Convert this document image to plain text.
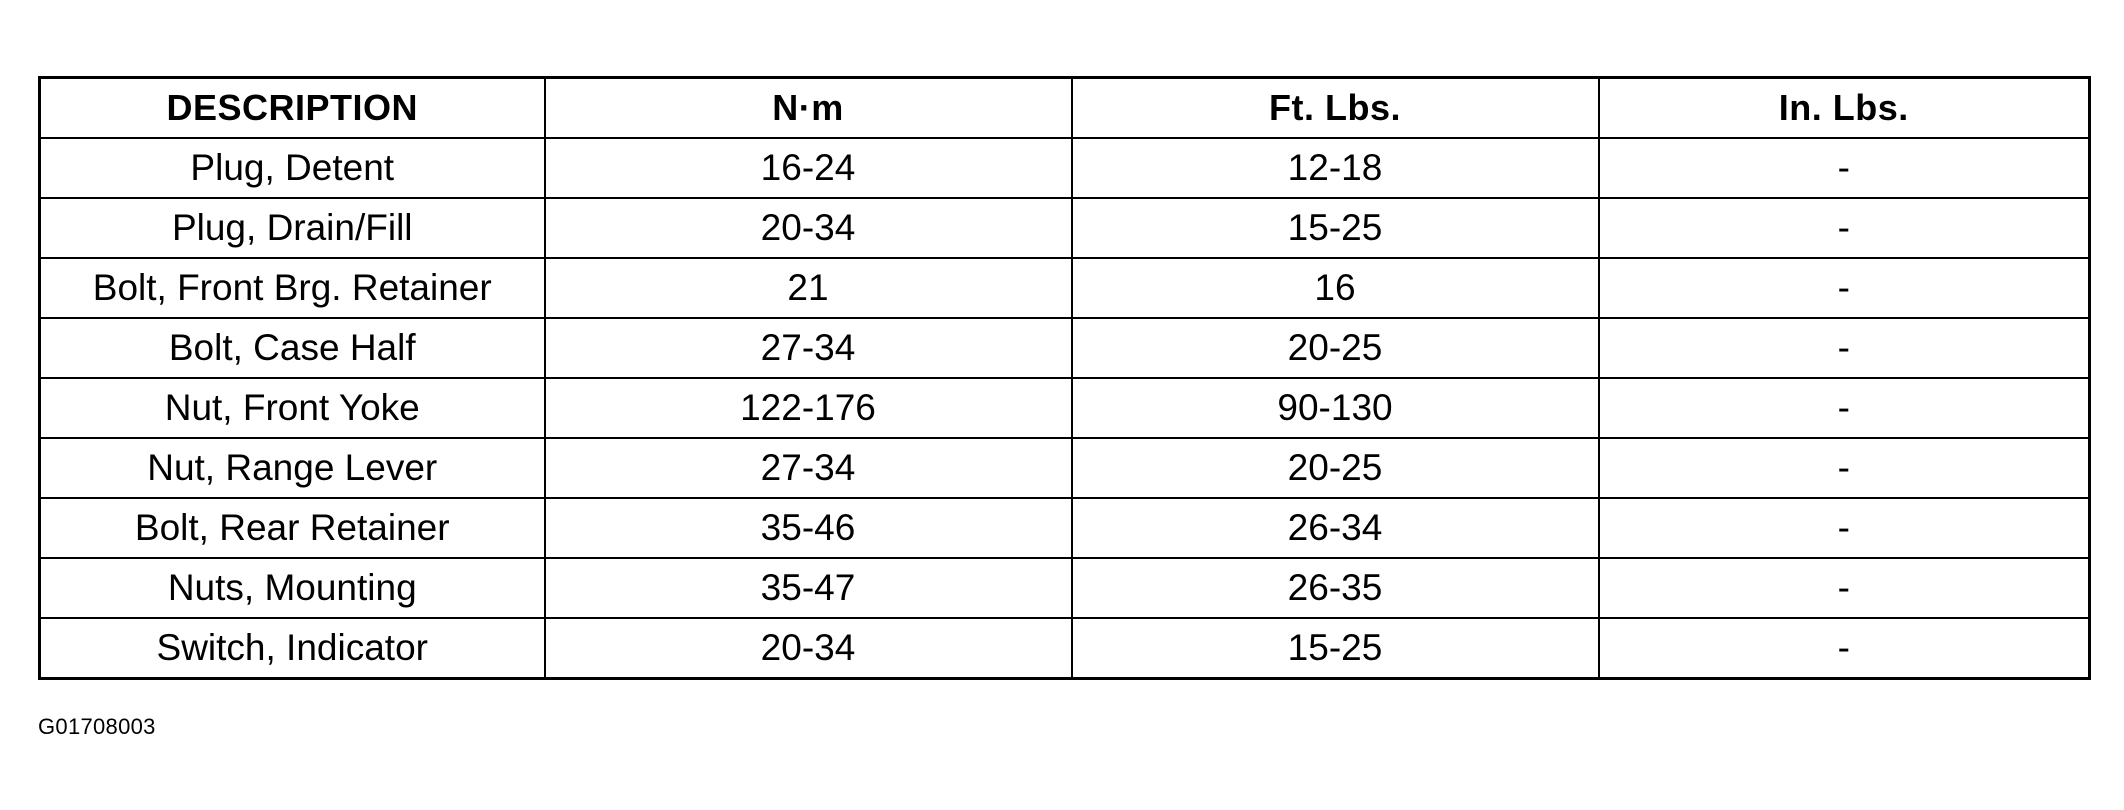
DESCRIPTION	N·m	Ft. Lbs.	In. Lbs.
Plug, Detent	16-24	12-18	-
Plug, Drain/Fill	20-34	15-25	-
Bolt, Front Brg. Retainer	21	16	-
Bolt, Case Half	27-34	20-25	-
Nut, Front Yoke	122-176	90-130	-
Nut, Range Lever	27-34	20-25	-
Bolt, Rear Retainer	35-46	26-34	-
Nuts, Mounting	35-47	26-35	-
Switch, Indicator	20-34	15-25	-
G01708003
